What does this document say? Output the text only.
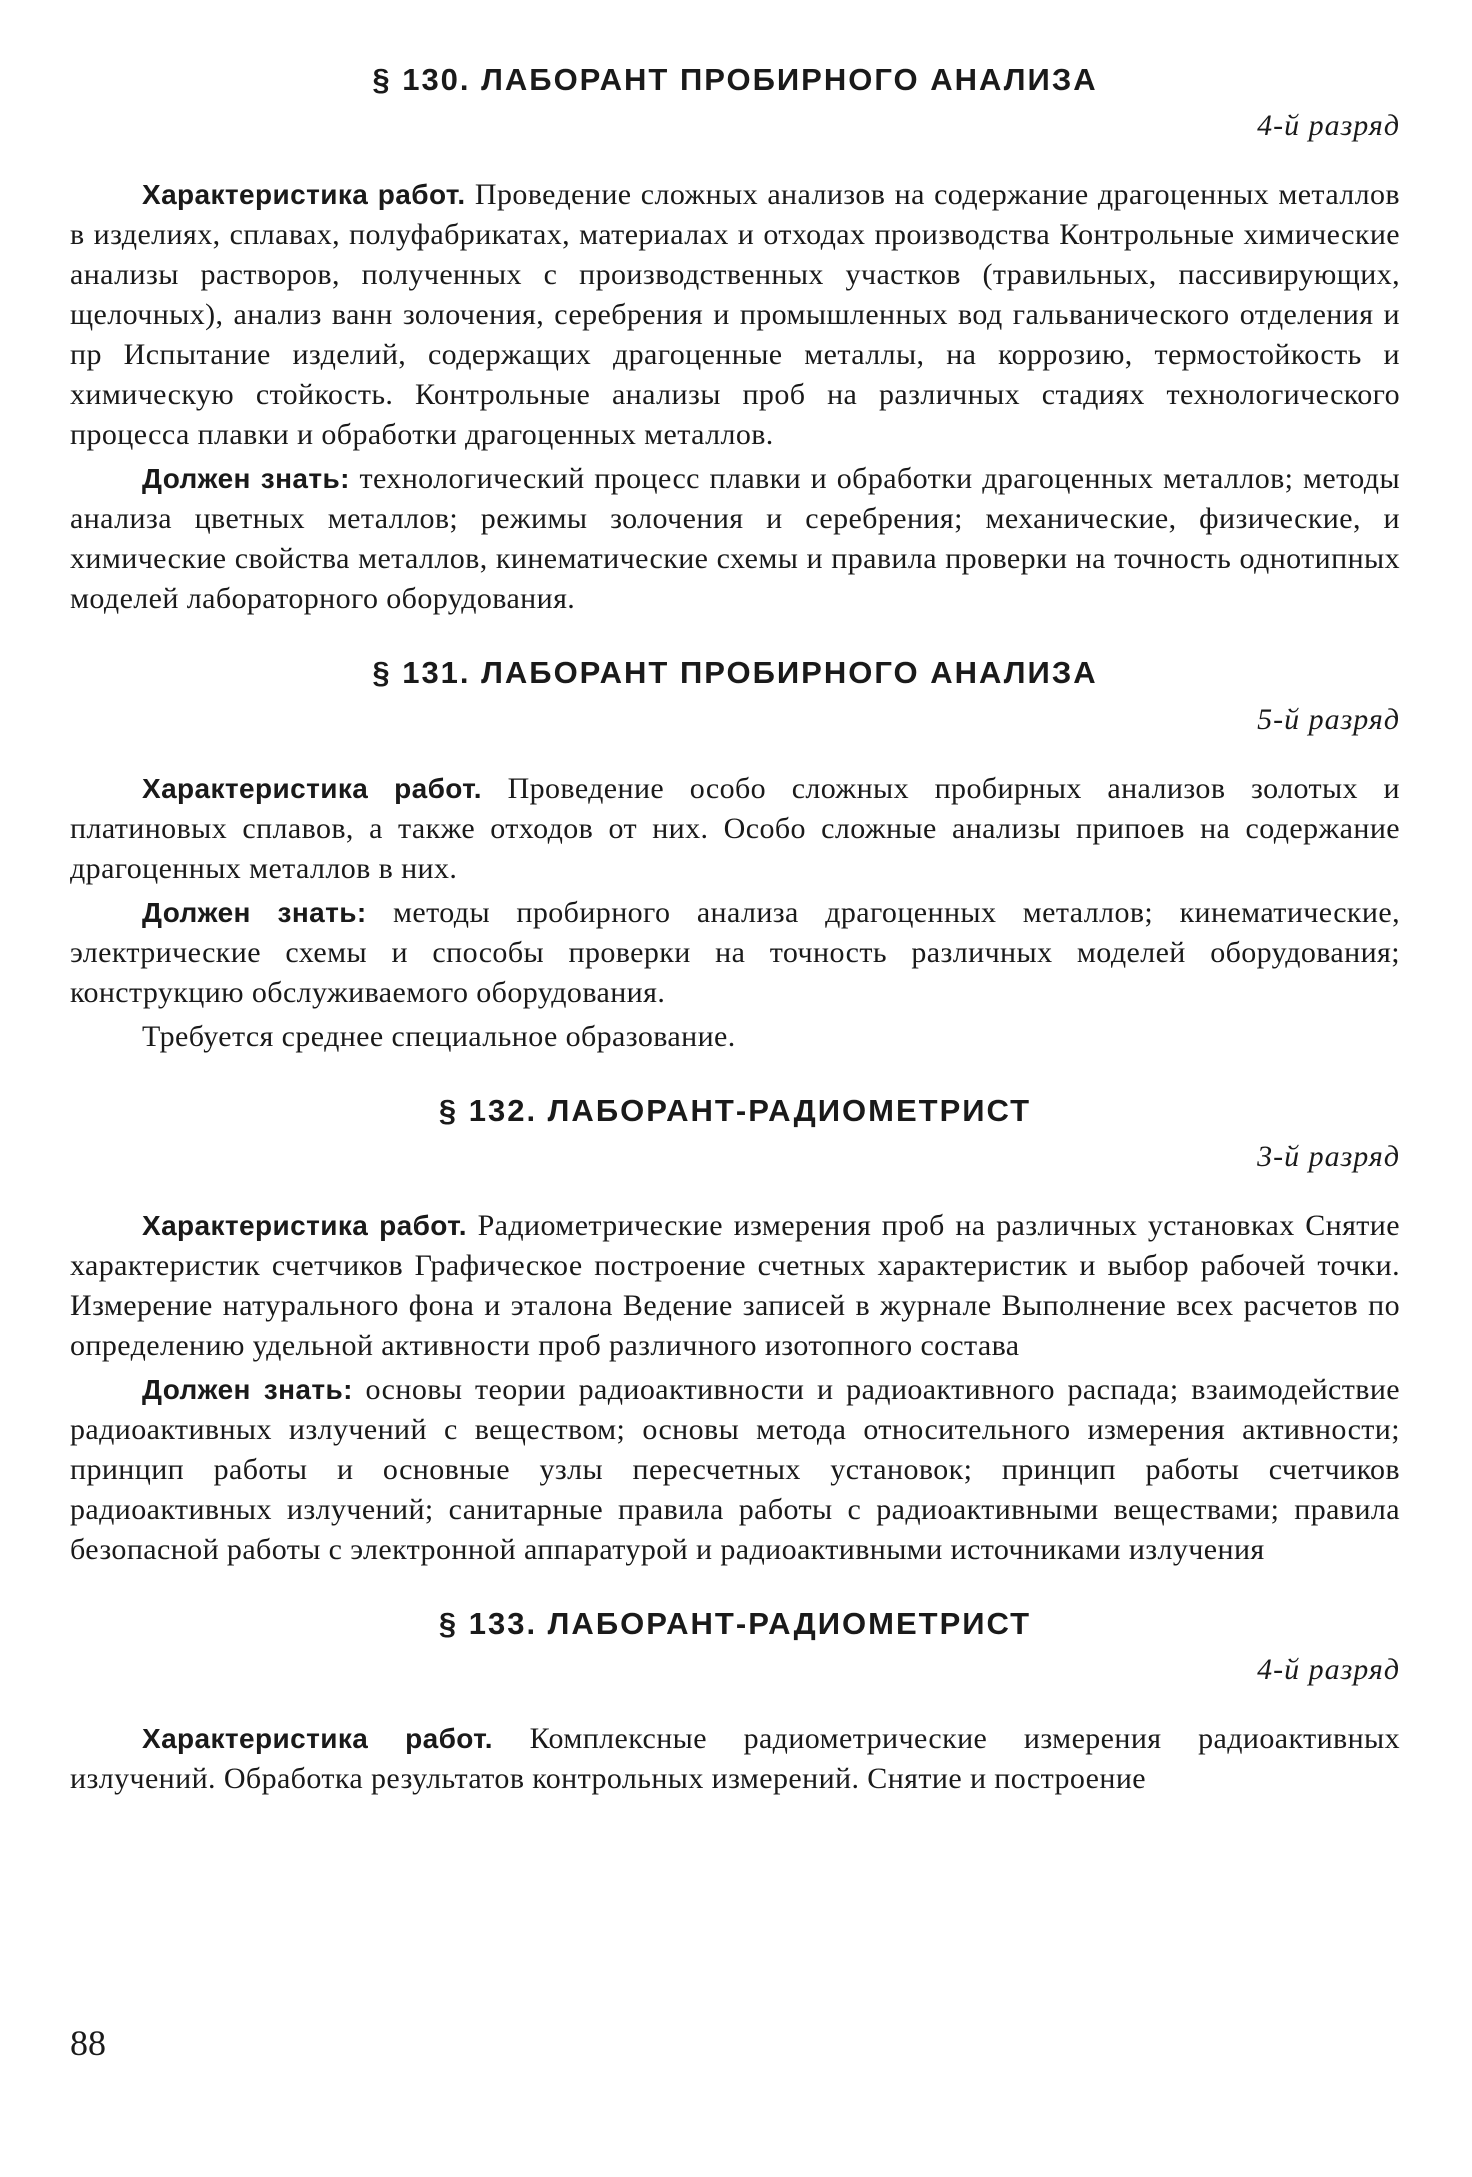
§ 130. ЛАБОРАНТ ПРОБИРНОГО АНАЛИЗА
4-й разряд

Характеристика работ. Проведение сложных анализов на содержание драгоценных металлов в изделиях, сплавах, полуфабрикатах, материалах и отходах производства Контрольные химические анализы растворов, полученных с производственных участков (травильных, пассивирующих, щелочных), анализ ванн золочения, серебрения и промышленных вод гальванического отделения и пр Испытание изделий, содержащих драгоценные металлы, на коррозию, термостойкость и химическую стойкость. Контрольные анализы проб на различных стадиях технологического процесса плавки и обработки драгоценных металлов.

Должен знать: технологический процесс плавки и обработки драгоценных металлов; методы анализа цветных металлов; режимы золочения и серебрения; механические, физические, и химические свойства металлов, кинематические схемы и правила проверки на точность однотипных моделей лабораторного оборудования.

§ 131. ЛАБОРАНТ ПРОБИРНОГО АНАЛИЗА
5-й разряд

Характеристика работ. Проведение особо сложных пробирных анализов золотых и платиновых сплавов, а также отходов от них. Особо сложные анализы припоев на содержание драгоценных металлов в них.

Должен знать: методы пробирного анализа драгоценных металлов; кинематические, электрические схемы и способы проверки на точность различных моделей оборудования; конструкцию обслуживаемого оборудования.

Требуется среднее специальное образование.

§ 132. ЛАБОРАНТ-РАДИОМЕТРИСТ
3-й разряд

Характеристика работ. Радиометрические измерения проб на различных установках Снятие характеристик счетчиков Графическое построение счетных характеристик и выбор рабочей точки. Измерение натурального фона и эталона Ведение записей в журнале Выполнение всех расчетов по определению удельной активности проб различного изотопного состава

Должен знать: основы теории радиоактивности и радиоактивного распада; взаимодействие радиоактивных излучений с веществом; основы метода относительного измерения активности; принцип работы и основные узлы пересчетных установок; принцип работы счетчиков радиоактивных излучений; санитарные правила работы с радиоактивными веществами; правила безопасной работы с электронной аппаратурой и радиоактивными источниками излучения

§ 133. ЛАБОРАНТ-РАДИОМЕТРИСТ
4-й разряд

Характеристика работ. Комплексные радиометрические измерения радиоактивных излучений. Обработка результатов контрольных измерений. Снятие и построение

88
